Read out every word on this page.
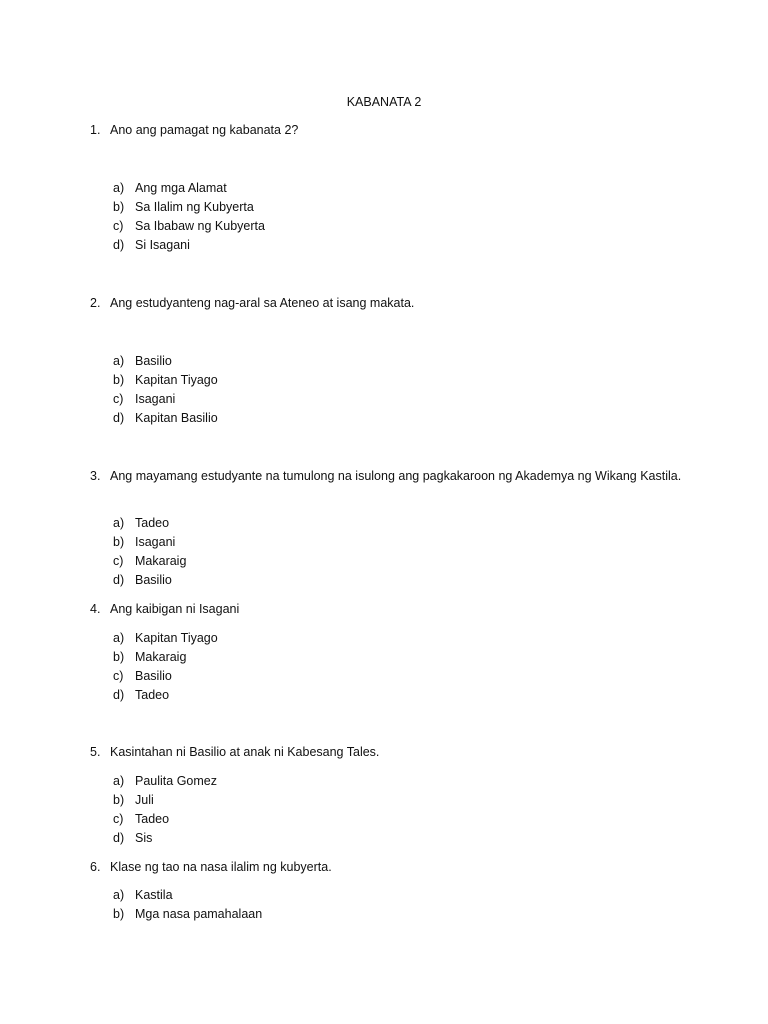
KABANATA 2
1. Ano ang pamagat ng kabanata 2?
a) Ang mga Alamat
b) Sa Ilalim ng Kubyerta
c) Sa Ibabaw ng Kubyerta
d) Si Isagani
2. Ang estudyanteng nag-aral sa Ateneo at isang makata.
a) Basilio
b) Kapitan Tiyago
c) Isagani
d) Kapitan Basilio
3. Ang mayamang estudyante na tumulong na isulong ang pagkakaroon ng Akademya ng Wikang Kastila.
a) Tadeo
b) Isagani
c) Makaraig
d) Basilio
4. Ang kaibigan ni Isagani
a) Kapitan Tiyago
b) Makaraig
c) Basilio
d) Tadeo
5. Kasintahan ni Basilio at anak ni Kabesang Tales.
a) Paulita Gomez
b) Juli
c) Tadeo
d) Sis
6. Klase ng tao na nasa ilalim ng kubyerta.
a) Kastila
b) Mga nasa pamahalaan
